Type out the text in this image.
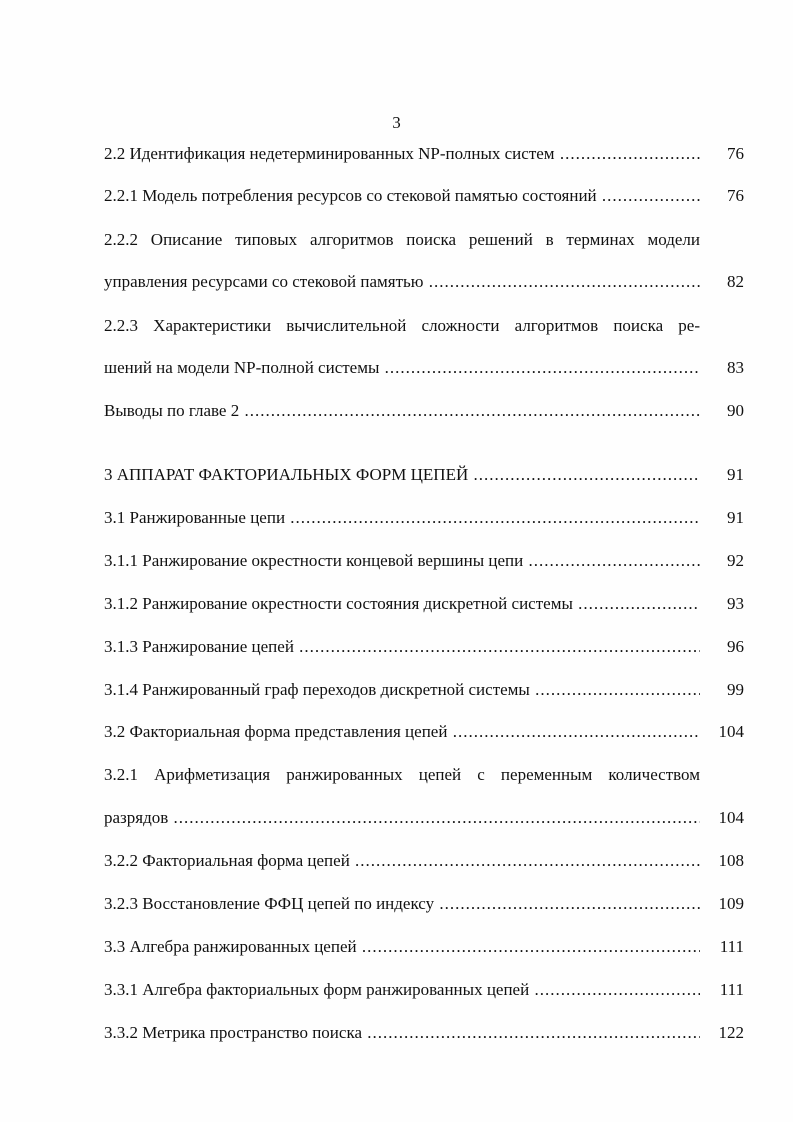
3
2.2 Идентификация недетерминированных NP-полных систем .....	76
2.2.1 Модель потребления ресурсов со стековой памятью состояний .....	76
2.2.2 Описание типовых алгоритмов поиска решений в терминах модели
управления ресурсами со стековой памятью .....	82
2.2.3 Характеристики вычислительной сложности алгоритмов поиска ре-
шений на модели NP-полной системы .....	83
Выводы по главе 2 .....	90
3 АППАРАТ ФАКТОРИАЛЬНЫХ ФОРМ ЦЕПЕЙ .....	91
3.1 Ранжированные цепи .....	91
3.1.1 Ранжирование окрестности концевой вершины цепи .....	92
3.1.2 Ранжирование окрестности состояния дискретной системы .....	93
3.1.3 Ранжирование цепей .....	96
3.1.4 Ранжированный граф переходов дискретной системы .....	99
3.2 Факториальная форма представления цепей .....	104
3.2.1 Арифметизация ранжированных цепей с переменным количеством
разрядов .....	104
3.2.2 Факториальная форма цепей .....	108
3.2.3 Восстановление ФФЦ цепей по индексу .....	109
3.3 Алгебра ранжированных цепей .....	111
3.3.1 Алгебра факториальных форм ранжированных цепей .....	111
3.3.2 Метрика пространство поиска .....	122
